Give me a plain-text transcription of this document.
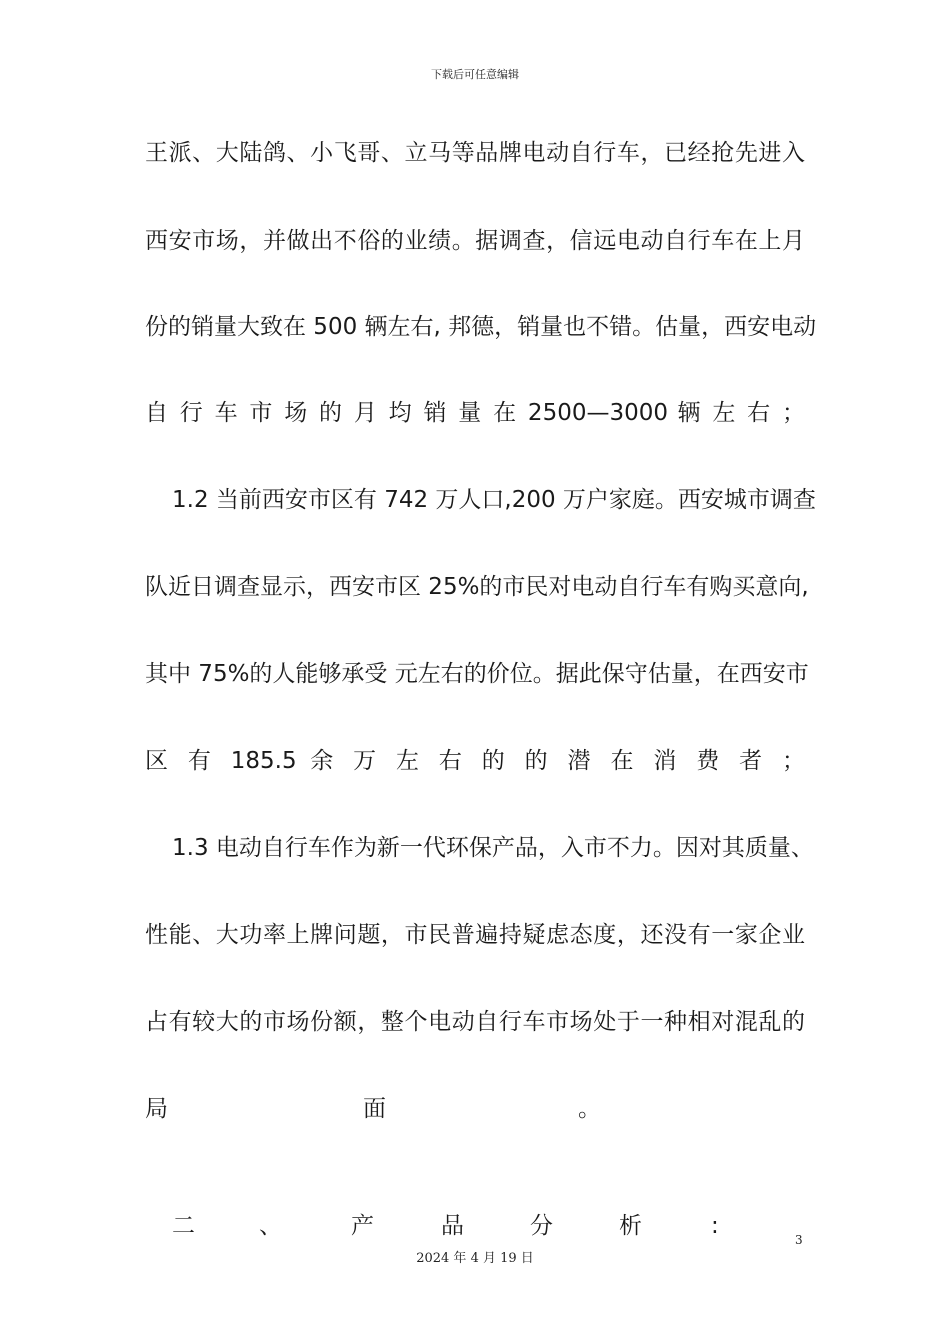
下载后可任意编辑
王派、大陆鸽、小飞哥、立马等品牌电动自行车，已经抢先进入
西安市场，并做出不俗的业绩。据调查，信远电动自行车在上月
份的销量大致在 500 辆左右, 邦德，销量也不错。估量，西安电动
自 行 车 市 场 的 月 均 销 量 在 2500—3000 辆 左 右 ；
1.2 当前西安市区有 742 万人口,200 万户家庭。西安城市调查
队近日调查显示，西安市区 25%的市民对电动自行车有购买意向,
其中 75%的人能够承受 元左右的价位。据此保守估量，在西安市
区 有 185.5 余 万 左 右 的 的 潜 在 消 费 者 ；
1.3 电动自行车作为新一代环保产品，入市不力。因对其质量、
性能、大功率上牌问题，市民普遍持疑虑态度，还没有一家企业
占有较大的市场份额，整个电动自行车市场处于一种相对混乱的
局	面	。
二	、	产	品	分	析	:
3
2024 年 4 月 19 日
